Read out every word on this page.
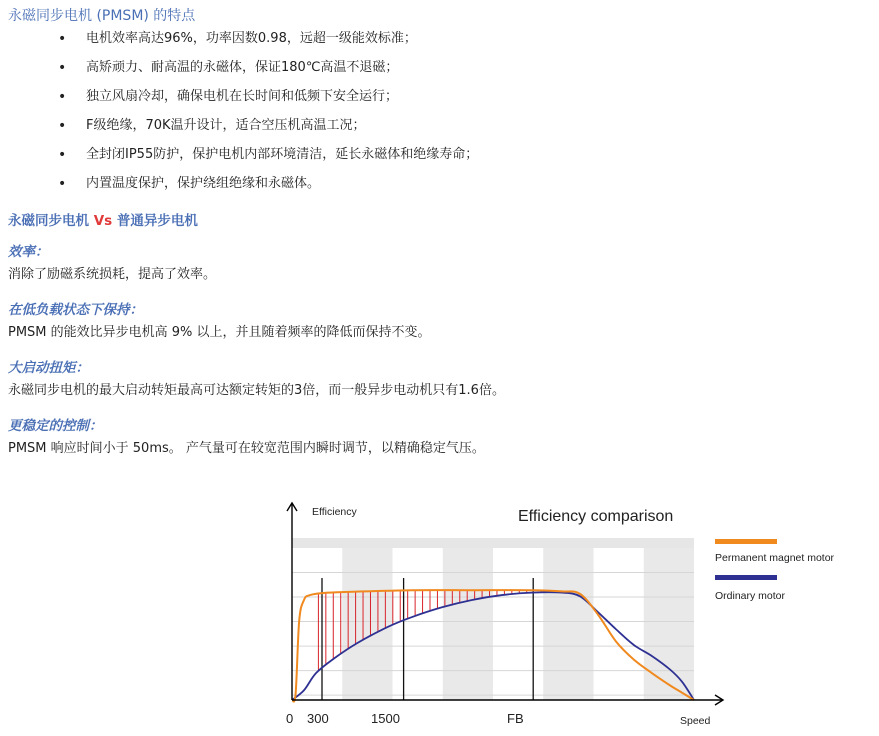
永磁同步电机 (PMSM) 的特点
• 电机效率高达96%，功率因数0.98，远超一级能效标准；
• 高矫顽力、耐高温的永磁体，保证180℃高温不退磁；
• 独立风扇冷却，确保电机在长时间和低频下安全运行；
• F级绝缘，70K温升设计，适合空压机高温工况；
• 全封闭IP55防护，保护电机内部环境清洁，延长永磁体和绝缘寿命；
• 内置温度保护，保护绕组绝缘和永磁体。
永磁同步电机 Vs 普通异步电机
效率：
消除了励磁系统损耗，提高了效率。
在低负载状态下保持：
PMSM 的能效比异步电机高 9% 以上，并且随着频率的降低而保持不变。
大启动扭矩：
永磁同步电机的最大启动转矩最高可达额定转矩的3倍，而一般异步电动机只有1.6倍。
更稳定的控制：
PMSM 响应时间小于 50ms。 产气量可在较宽范围内瞬时调节，以精确稳定气压。
Efficiency comparison
Efficiency
Speed
0 300	1500	FB
Permanent magnet motor
Ordinary motor
